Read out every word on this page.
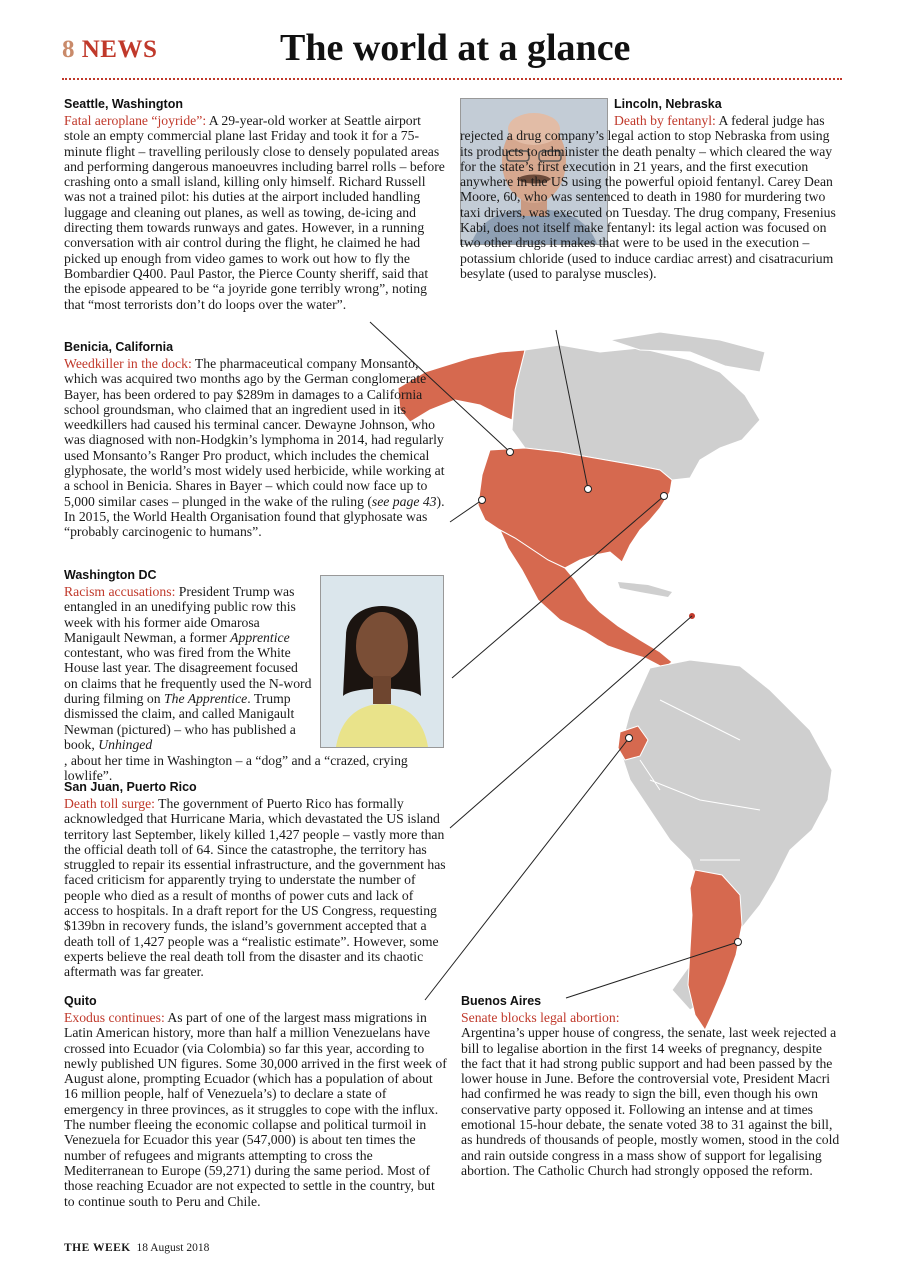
8 NEWS	The world at a glance
Seattle, Washington

Fatal aeroplane “joyride”: A 29-year-old worker at Seattle airport stole an empty commercial plane last Friday and took it for a 75-minute flight – travelling perilously close to densely populated areas and performing dangerous manoeuvres including barrel rolls – before crashing onto a small island, killing only himself. Richard Russell was not a trained pilot: his duties at the airport included handling luggage and cleaning out planes, as well as towing, de-icing and directing them towards runways and gates. However, in a running conversation with air control during the flight, he claimed he had picked up enough from video games to work out how to fly the Bombardier Q400. Paul Pastor, the Pierce County sheriff, said that the episode appeared to be “a joyride gone terribly wrong”, noting that “most terrorists don’t do loops over the water”.

Lincoln, Nebraska

Death by fentanyl: A federal judge has rejected a drug company’s legal action to stop Nebraska from using its products to administer the death penalty – which cleared the way for the state’s first execution in 21 years, and the first execution anywhere in the US using the powerful opioid fentanyl. Carey Dean Moore, 60, who was sentenced to death in 1980 for murdering two taxi drivers, was executed on Tuesday. The drug company, Fresenius Kabi, does not itself make fentanyl: its legal action was focused on two other drugs it makes that were to be used in the execution – potassium chloride (used to induce cardiac arrest) and cisatracurium besylate (used to paralyse muscles).

Benicia, California

Weedkiller in the dock: The pharmaceutical company Monsanto, which was acquired two months ago by the German conglomerate Bayer, has been ordered to pay $289m in damages to a California school groundsman, who claimed that an ingredient used in its weedkillers had caused his terminal cancer. Dewayne Johnson, who was diagnosed with non-Hodgkin’s lymphoma in 2014, had regularly used Monsanto’s Ranger Pro product, which includes the chemical glyphosate, the world’s most widely used herbicide, while working at a school in Benicia. Shares in Bayer – which could now face up to 5,000 similar cases – plunged in the wake of the ruling (see page 43). In 2015, the World Health Organisation found that glyphosate was “probably carcinogenic to humans”.

Washington DC

Racism accusations: President Trump was entangled in an unedifying public row this week with his former aide Omarosa Manigault Newman, a former Apprentice contestant, who was fired from the White House last year. The disagreement focused on claims that he frequently used the N-word during filming on The Apprentice. Trump dismissed the claim, and called Manigault Newman (pictured) – who has published a book, Unhinged

, about her time in Washington – a “dog” and a “crazed, crying lowlife”.

San Juan, Puerto Rico

Death toll surge: The government of Puerto Rico has formally acknowledged that Hurricane Maria, which devastated the US island territory last September, likely killed 1,427 people – vastly more than the official death toll of 64. Since the catastrophe, the territory has struggled to repair its essential infrastructure, and the government has faced criticism for apparently trying to understate the number of people who died as a result of months of power cuts and lack of access to hospitals. In a draft report for the US Congress, requesting $139bn in recovery funds, the island’s government accepted that a death toll of 1,427 people was a “realistic estimate”. However, some experts believe the real death toll from the disaster and its chaotic aftermath was far greater.

Quito

Exodus continues: As part of one of the largest mass migrations in Latin American history, more than half a million Venezuelans have crossed into Ecuador (via Colombia) so far this year, according to newly published UN figures. Some 30,000 arrived in the first week of August alone, prompting Ecuador (which has a population of about 16 million people, half of Venezuela’s) to declare a state of emergency in three provinces, as it struggles to cope with the influx. The number fleeing the economic collapse and political turmoil in Venezuela for Ecuador this year (547,000) is about ten times the number of refugees and migrants attempting to cross the Mediterranean to Europe (59,271) during the same period. Most of those reaching Ecuador are not expected to settle in the country, but to continue south to Peru and Chile.

Buenos Aires

Senate blocks legal abortion:
Argentina’s upper house of congress, the senate, last week rejected a bill to legalise abortion in the first 14 weeks of pregnancy, despite the fact that it had strong public support and had been passed by the lower house in June. Before the controversial vote, President Macri had confirmed he was ready to sign the bill, even though his own conservative party opposed it. Following an intense and at times emotional 15-hour debate, the senate voted 38 to 31 against the bill, as hundreds of thousands of people, mostly women, stood in the cold and rain outside congress in a mass show of support for legalising abortion. The Catholic Church had strongly opposed the reform.

THE WEEK 18 August 2018
